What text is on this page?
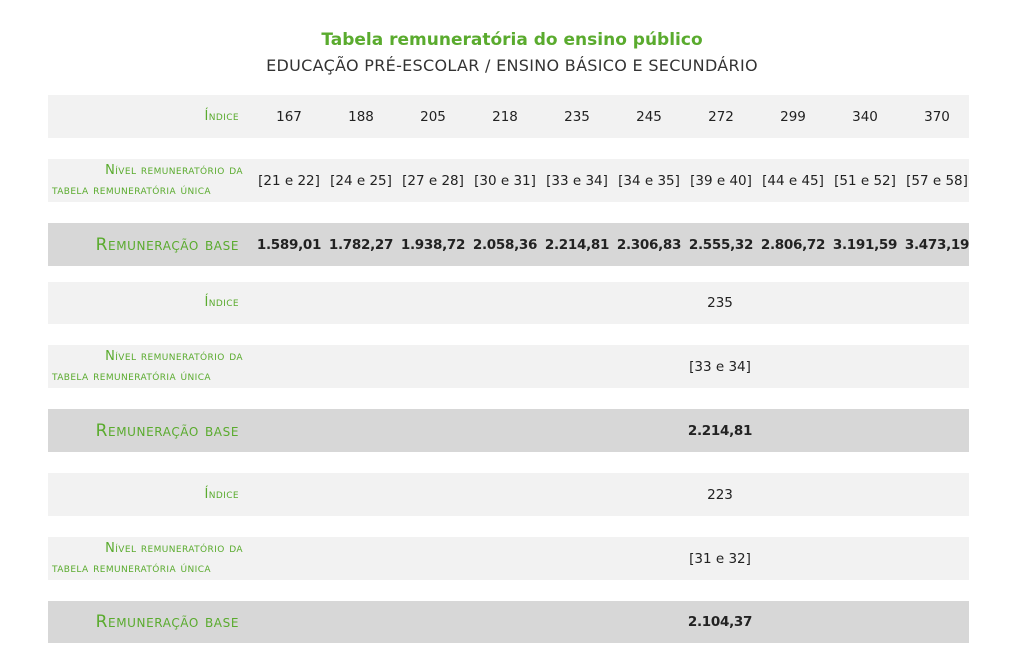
Tabela remuneratória do ensino público
EDUCAÇÃO PRÉ-ESCOLAR / ENSINO BÁSICO E SECUNDÁRIO
Índice	167	188	205	218	235	245	272	299	340	370
Nível remuneratório da
tabela remuneratória única
[21 e 22] [24 e 25] [27 e 28] [30 e 31] [33 e 34] [34 e 35] [39 e 40] [44 e 45] [51 e 52] [57 e 58]
Remuneração base 1.589,01 1.782,27 1.938,72 2.058,36 2.214,81 2.306,83 2.555,32 2.806,72 3.191,59 3.473,19
Índice	235
Nível remuneratório da
tabela remuneratória única
[33 e 34]
Remuneração base	2.214,81
Índice	223
Nível remuneratório da
tabela remuneratória única
[31 e 32]
Remuneração base	2.104,37
